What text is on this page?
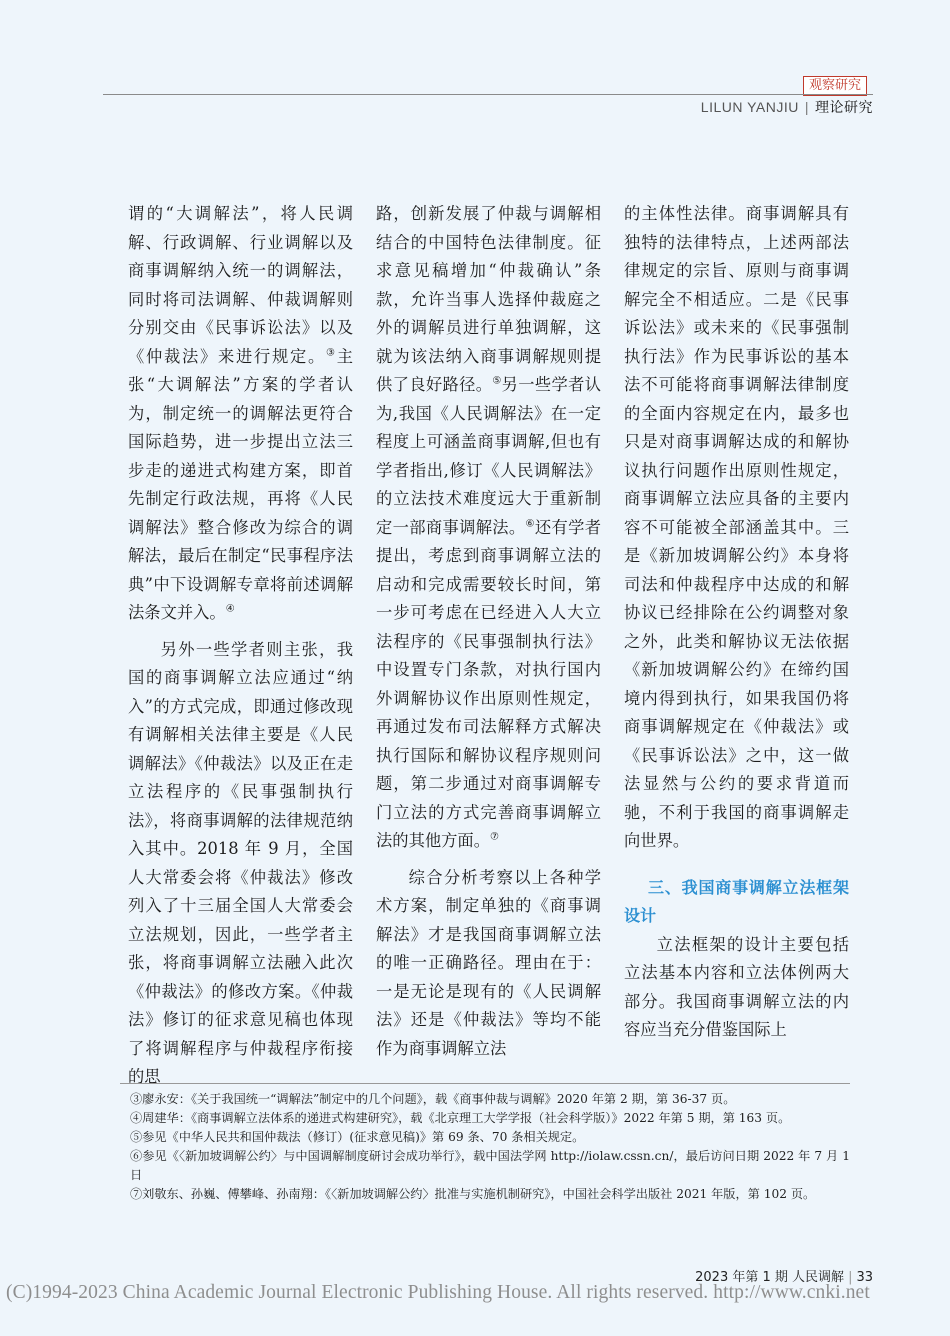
观察研究
LILUN YANJIU | 理论研究

谓的“大调解法”，将人民调解、行政调解、行业调解以及商事调解纳入统一的调解法，同时将司法调解、仲裁调解则分别交由《民事诉讼法》以及《仲裁法》来进行规定。③主张“大调解法”方案的学者认为，制定统一的调解法更符合国际趋势，进一步提出立法三步走的递进式构建方案，即首先制定行政法规，再将《人民调解法》整合修改为综合的调解法，最后在制定“民事程序法典”中下设调解专章将前述调解法条文并入。④

另外一些学者则主张，我国的商事调解立法应通过“纳入”的方式完成，即通过修改现有调解相关法律主要是《人民调解法》《仲裁法》以及正在走立法程序的《民事强制执行法》，将商事调解的法律规范纳入其中。2018 年 9 月，全国人大常委会将《仲裁法》修改列入了十三届全国人大常委会立法规划，因此，一些学者主张，将商事调解立法融入此次《仲裁法》的修改方案。《仲裁法》修订的征求意见稿也体现了将调解程序与仲裁程序衔接的思

路，创新发展了仲裁与调解相结合的中国特色法律制度。征求意见稿增加“仲裁确认”条款，允许当事人选择仲裁庭之外的调解员进行单独调解，这就为该法纳入商事调解规则提供了良好路径。⑤另一些学者认为,我国《人民调解法》在一定程度上可涵盖商事调解,但也有学者指出,修订《人民调解法》的立法技术难度远大于重新制定一部商事调解法。⑥还有学者提出，考虑到商事调解立法的启动和完成需要较长时间，第一步可考虑在已经进入人大立法程序的《民事强制执行法》中设置专门条款，对执行国内外调解协议作出原则性规定，再通过发布司法解释方式解决执行国际和解协议程序规则问题，第二步通过对商事调解专门立法的方式完善商事调解立法的其他方面。⑦

综合分析考察以上各种学术方案，制定单独的《商事调解法》才是我国商事调解立法的唯一正确路径。理由在于：一是无论是现有的《人民调解法》还是《仲裁法》等均不能作为商事调解立法

的主体性法律。商事调解具有独特的法律特点，上述两部法律规定的宗旨、原则与商事调解完全不相适应。二是《民事诉讼法》或未来的《民事强制执行法》作为民事诉讼的基本法不可能将商事调解法律制度的全面内容规定在内，最多也只是对商事调解达成的和解协议执行问题作出原则性规定，商事调解立法应具备的主要内容不可能被全部涵盖其中。三是《新加坡调解公约》本身将司法和仲裁程序中达成的和解协议已经排除在公约调整对象之外，此类和解协议无法依据《新加坡调解公约》在缔约国境内得到执行，如果我国仍将商事调解规定在《仲裁法》或《民事诉讼法》之中，这一做法显然与公约的要求背道而驰，不利于我国的商事调解走向世界。

三、我国商事调解立法框架设计

立法框架的设计主要包括立法基本内容和立法体例两大部分。我国商事调解立法的内容应当充分借鉴国际上

③廖永安：《关于我国统一“调解法”制定中的几个问题》，载《商事仲裁与调解》2020 年第 2 期，第 36-37 页。

④周建华：《商事调解立法体系的递进式构建研究》，载《北京理工大学学报（社会科学版）》2022 年第 5 期，第 163 页。

⑤参见《中华人民共和国仲裁法（修订）(征求意见稿)》第 69 条、70 条相关规定。

⑥参见《〈新加坡调解公约〉与中国调解制度研讨会成功举行》，载中国法学网 http://iolaw.cssn.cn/，最后访问日期 2022 年 7 月 1 日

⑦刘敬东、孙巍、傅攀峰、孙南翔：《〈新加坡调解公约〉批准与实施机制研究》，中国社会科学出版社 2021 年版，第 102 页。

2023 年第 1 期 人民调解 | 33
(C)1994-2023 China Academic Journal Electronic Publishing House. All rights reserved. http://www.cnki.net
